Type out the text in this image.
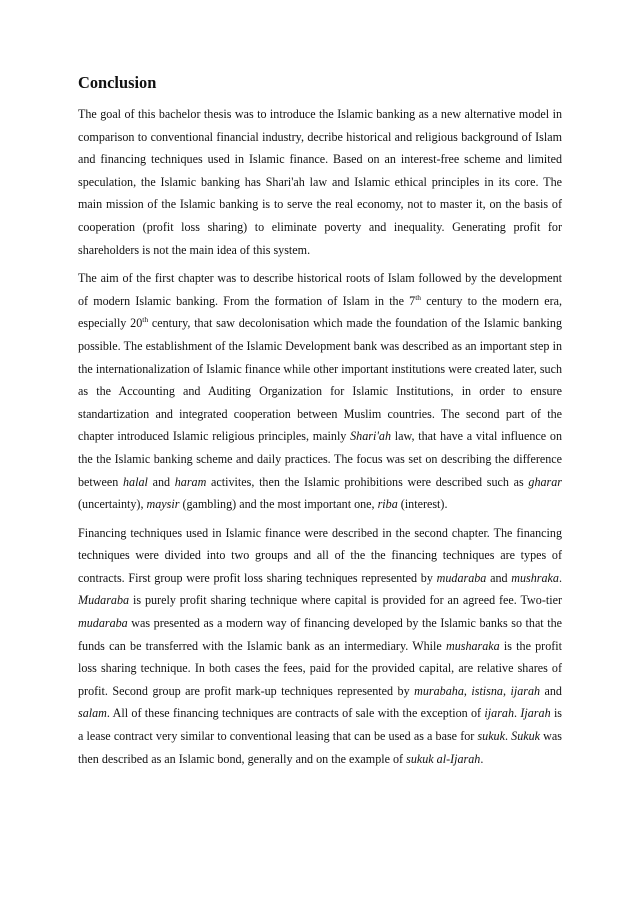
Conclusion

The goal of this bachelor thesis was to introduce the Islamic banking as a new alternative model in comparison to conventional financial industry, decribe historical and religious background of Islam and financing techniques used in Islamic finance. Based on an interest-free scheme and limited speculation, the Islamic banking has Shari'ah law and Islamic ethical principles in its core. The main mission of the Islamic banking is to serve the real economy, not to master it, on the basis of cooperation (profit loss sharing) to eliminate poverty and inequality. Generating profit for shareholders is not the main idea of this system.

The aim of the first chapter was to describe historical roots of Islam followed by the development of modern Islamic banking. From the formation of Islam in the 7th century to the modern era, especially 20th century, that saw decolonisation which made the foundation of the Islamic banking possible. The establishment of the Islamic Development bank was described as an important step in the internationalization of Islamic finance while other important institutions were created later, such as the Accounting and Auditing Organization for Islamic Institutions, in order to ensure standartization and integrated cooperation between Muslim countries. The second part of the chapter introduced Islamic religious principles, mainly Shari'ah law, that have a vital influence on the the Islamic banking scheme and daily practices. The focus was set on describing the difference between halal and haram activites, then the Islamic prohibitions were described such as gharar (uncertainty), maysir (gambling) and the most important one, riba (interest).

Financing techniques used in Islamic finance were described in the second chapter. The financing techniques were divided into two groups and all of the the financing techniques are types of contracts. First group were profit loss sharing techniques represented by mudaraba and mushraka. Mudaraba is purely profit sharing technique where capital is provided for an agreed fee. Two-tier mudaraba was presented as a modern way of financing developed by the Islamic banks so that the funds can be transferred with the Islamic bank as an intermediary. While musharaka is the profit loss sharing technique. In both cases the fees, paid for the provided capital, are relative shares of profit. Second group are profit mark-up techniques represented by murabaha, istisna, ijarah and salam. All of these financing techniques are contracts of sale with the exception of ijarah. Ijarah is a lease contract very similar to conventional leasing that can be used as a base for sukuk. Sukuk was then described as an Islamic bond, generally and on the example of sukuk al-Ijarah.
